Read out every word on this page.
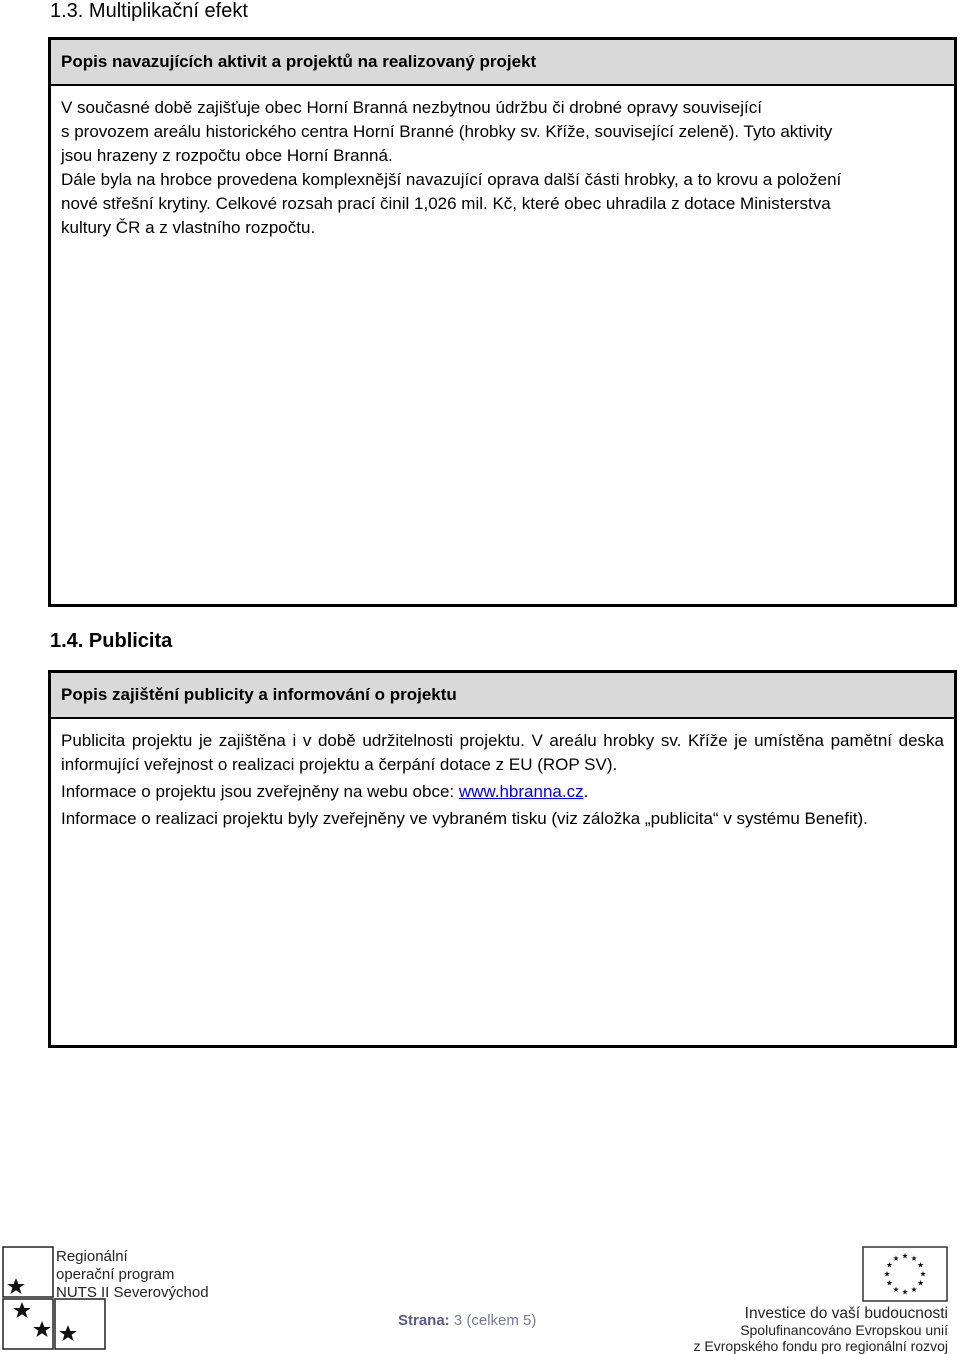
1.3. Multiplikační efekt
Popis navazujících aktivit a projektů na realizovaný projekt

V současné době zajišťuje obec Horní Branná nezbytnou údržbu či drobné opravy související

s provozem areálu historického centra Horní Branné (hrobky sv. Kříže, související zeleně). Tyto aktivity

jsou hrazeny z rozpočtu obce Horní Branná.

Dále byla na hrobce provedena komplexnější navazující oprava další části hrobky, a to krovu a položení

nové střešní krytiny. Celkové rozsah prací činil 1,026 mil. Kč, které obec uhradila z dotace Ministerstva

kultury ČR a z vlastního rozpočtu.

1.4. Publicita
Popis zajištění publicity a informování o projektu

Publicita projektu je zajištěna i v době udržitelnosti projektu. V areálu hrobky sv. Kříže je umístěna pamětní deska informující veřejnost o realizaci projektu a čerpání dotace z EU (ROP SV).

Informace o projektu jsou zveřejněny na webu obce: www.hbranna.cz.

Informace o realizaci projektu byly zveřejněny ve vybraném tisku (viz záložka „publicita“ v systému Benefit).

Regionální
operační program
NUTS II Severovýchod
Strana: 3 (celkem 5)	Investice do vaší budoucnosti
Spolufinancováno Evropskou unií
z Evropského fondu pro regionální rozvoj
